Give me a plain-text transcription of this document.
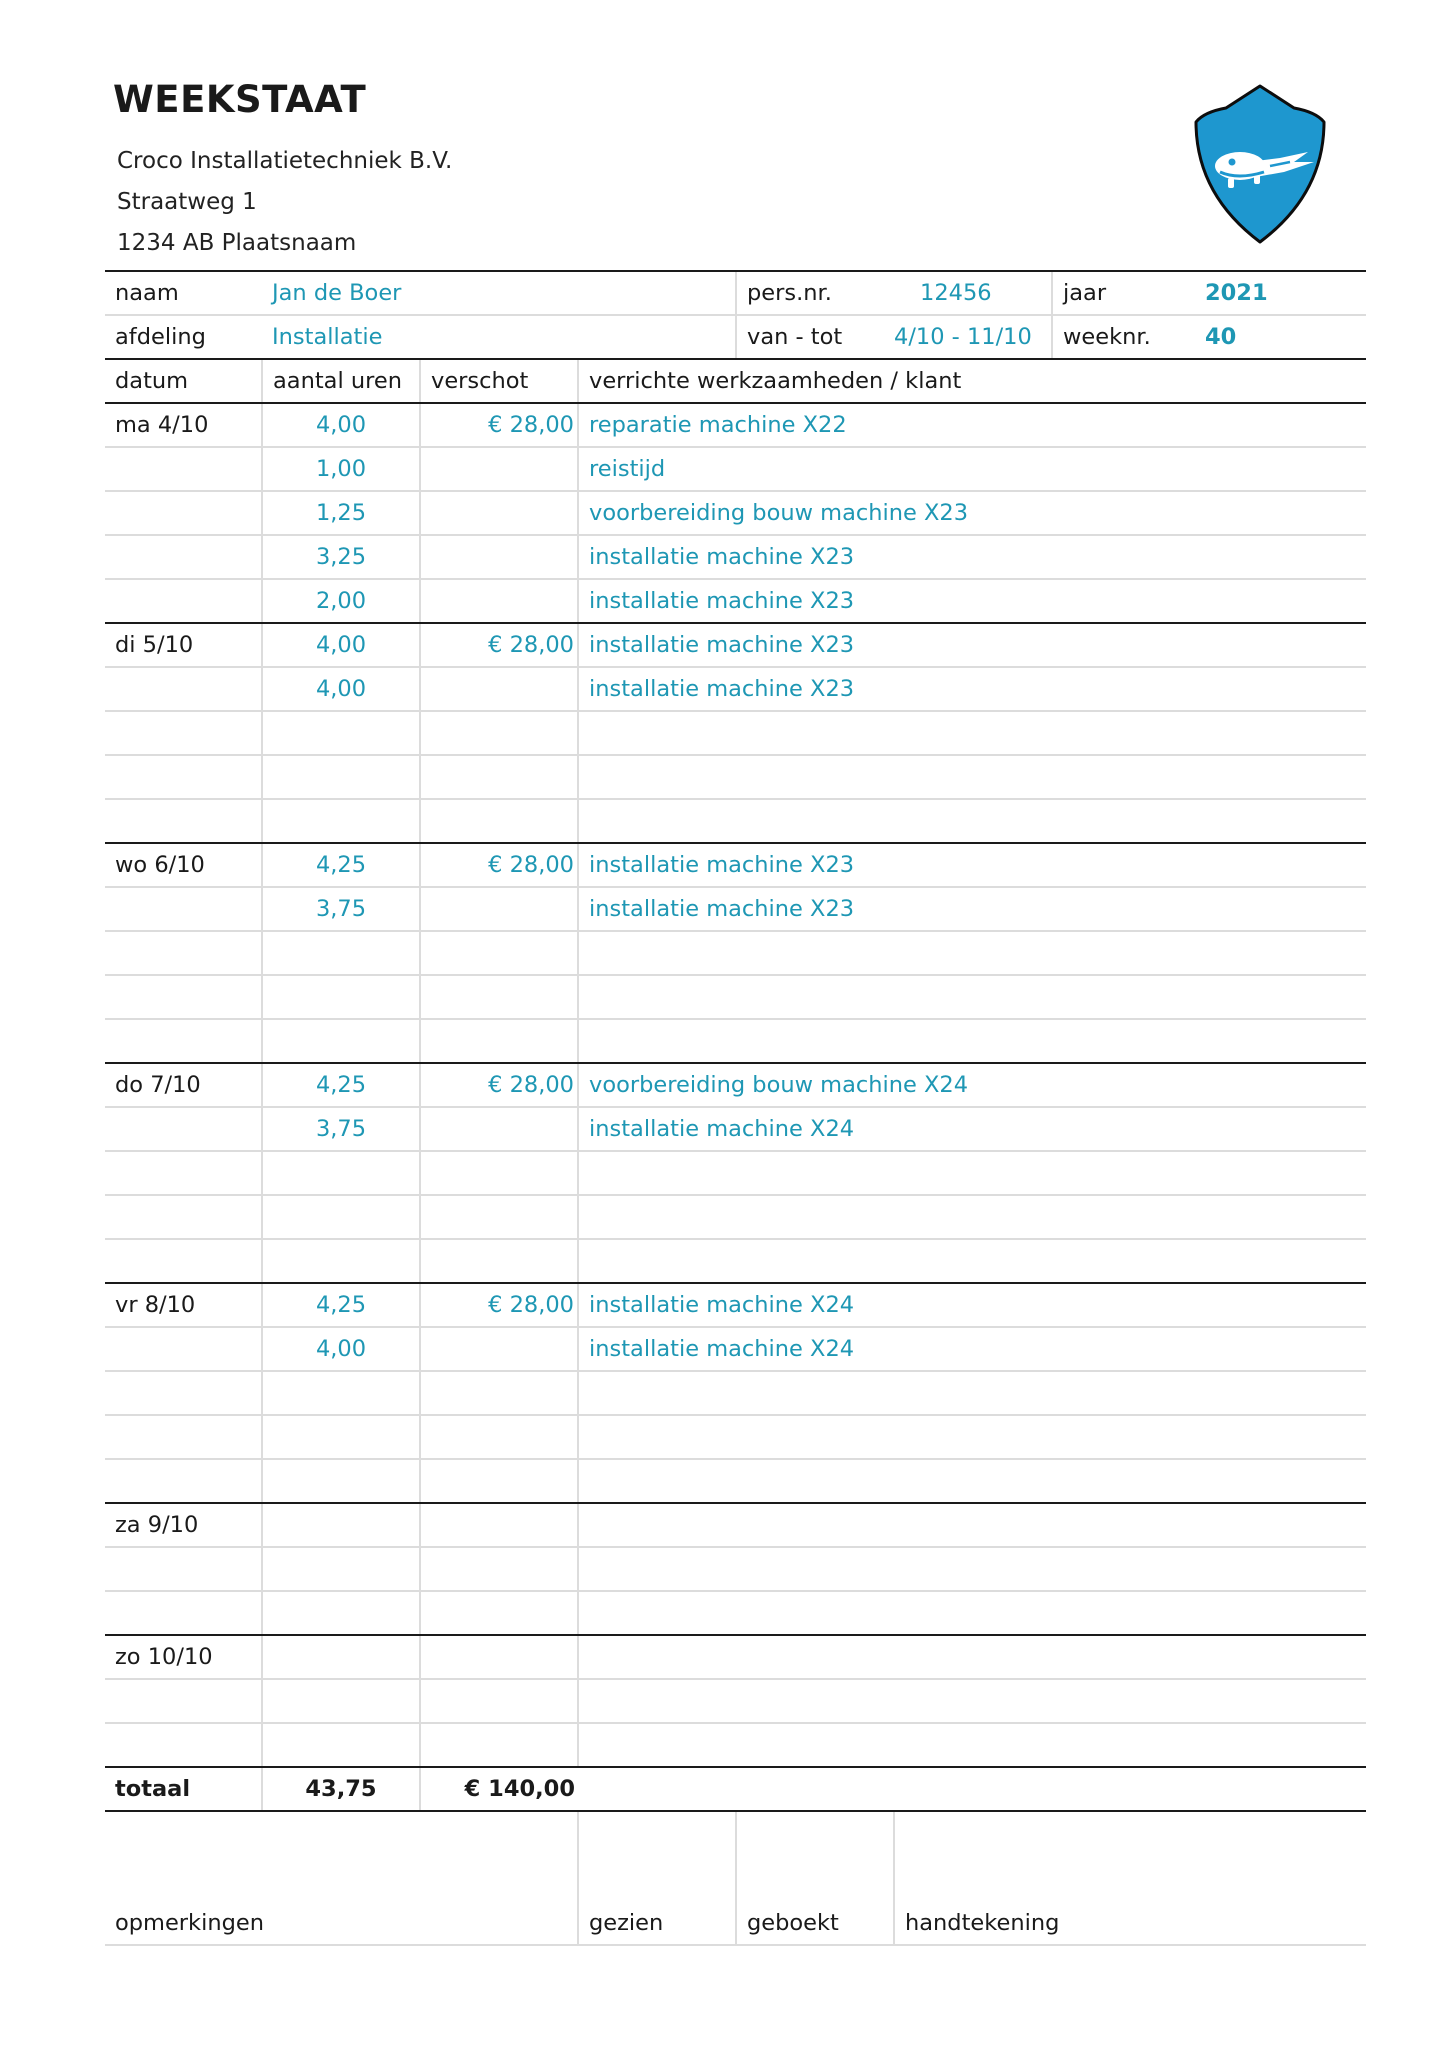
WEEKSTAAT
Croco Installatietechniek B.V.
Straatweg 1
1234 AB Plaatsnaam
naam	Jan de Boer			pers.nr.	12456	jaar 2021

afdeling	Installatie			van - tot	4/10 - 11/10	weeknr. 40

datum	aantal uren	verschot	verrichte werkzaamheden / klant			
ma 4/10	4,00	€ 28,00	reparatie machine X22			
	1,00		reistijd			
	1,25		voorbereiding bouw machine X23			
	3,25		installatie machine X23			
	2,00		installatie machine X23			
di 5/10	4,00	€ 28,00	installatie machine X23			
	4,00		installatie machine X23			

wo 6/10	4,25	€ 28,00	installatie machine X23			
	3,75		installatie machine X23			

do 7/10	4,25	€ 28,00	voorbereiding bouw machine X24			
	3,75		installatie machine X24			

vr 8/10	4,25	€ 28,00	installatie machine X24			
	4,00		installatie machine X24			

za 9/10						

zo 10/10						

totaal	43,75	€ 140,00				
opmerkingen			gezien	geboekt	handtekening	
